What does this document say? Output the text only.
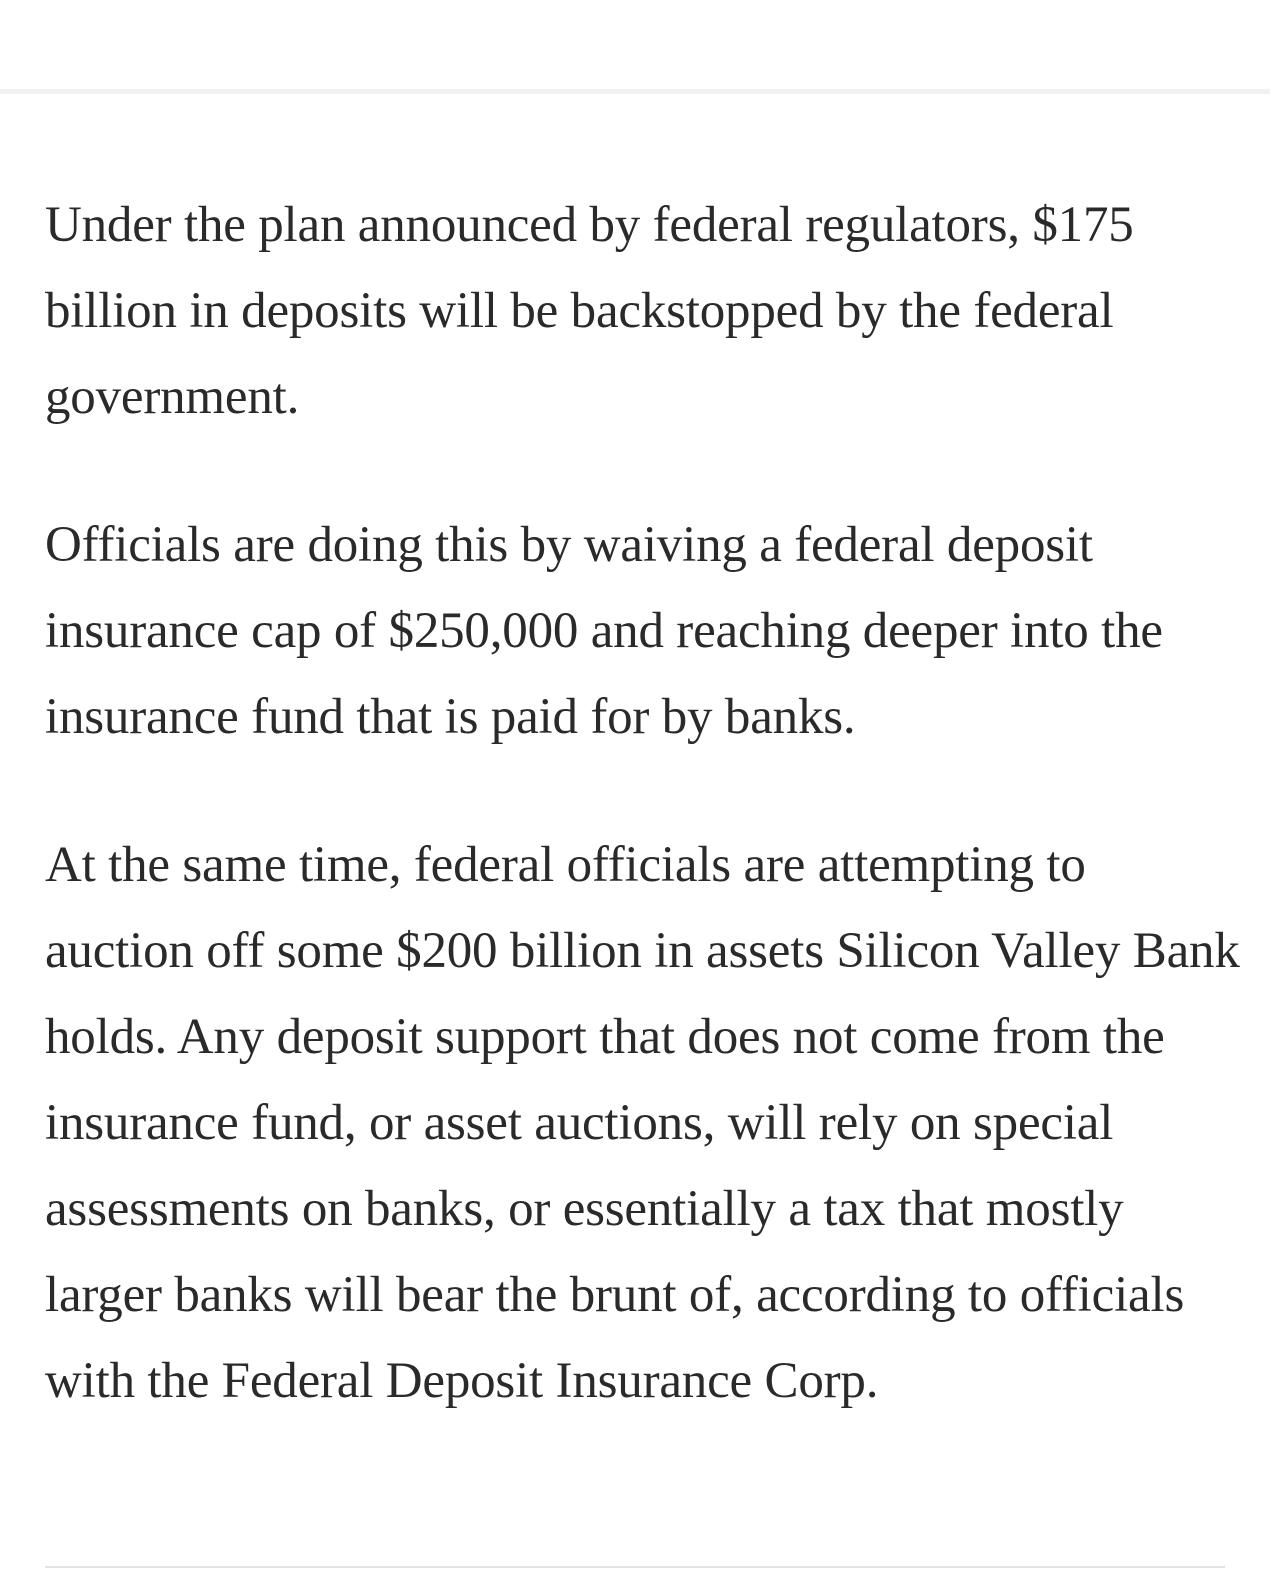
Under the plan announced by federal regulators, $175 billion in deposits will be backstopped by the federal government.

Officials are doing this by waiving a federal deposit insurance cap of $250,000 and reaching deeper into the insurance fund that is paid for by banks.

At the same time, federal officials are attempting to auction off some $200 billion in assets Silicon Valley Bank holds. Any deposit support that does not come from the insurance fund, or asset auctions, will rely on special assessments on banks, or essentially a tax that mostly larger banks will bear the brunt of, according to officials with the Federal Deposit Insurance Corp.
